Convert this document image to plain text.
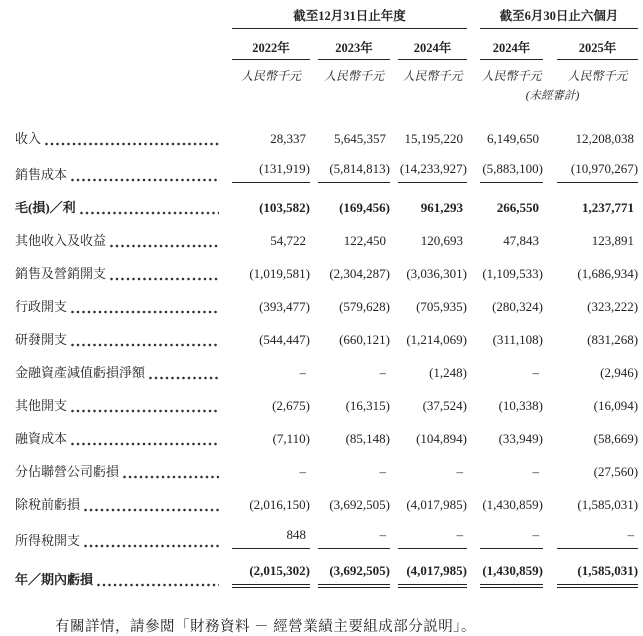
	截至12月31日止年度			截至6月30日止六個月	

	2022年	2023年	2024年	2024年	2025年

	人民幣千元	人民幣千元	人民幣千元	人民幣千元	人民幣千元

				(未經審計)	

收入	28,337	5,645,357	15,195,220	6,149,650	12,208,038

銷售成本	(131,919)	(5,814,813)	(14,233,927)	(5,883,100)	(10,970,267)

毛(損)／利	(103,582)	(169,456)	961,293	266,550	1,237,771

其他收入及收益	54,722	122,450	120,693	47,843	123,891

銷售及營銷開支	(1,019,581)	(2,304,287)	(3,036,301)	(1,109,533)	(1,686,934)

行政開支	(393,477)	(579,628)	(705,935)	(280,324)	(323,222)

研發開支	(544,447)	(660,121)	(1,214,069)	(311,108)	(831,268)

金融資產減值虧損淨額	–	–	(1,248)	–	(2,946)

其他開支	(2,675)	(16,315)	(37,524)	(10,338)	(16,094)

融資成本	(7,110)	(85,148)	(104,894)	(33,949)	(58,669)

分佔聯營公司虧損	–	–	–	–	(27,560)

除稅前虧損	(2,016,150)	(3,692,505)	(4,017,985)	(1,430,859)	(1,585,031)

所得稅開支	848	–	–	–	–

年／期內虧損	(2,015,302)	(3,692,505)	(4,017,985)	(1,430,859)	(1,585,031)

有關詳情，請參閲「財務資料 － 經營業績主要組成部分説明」。
